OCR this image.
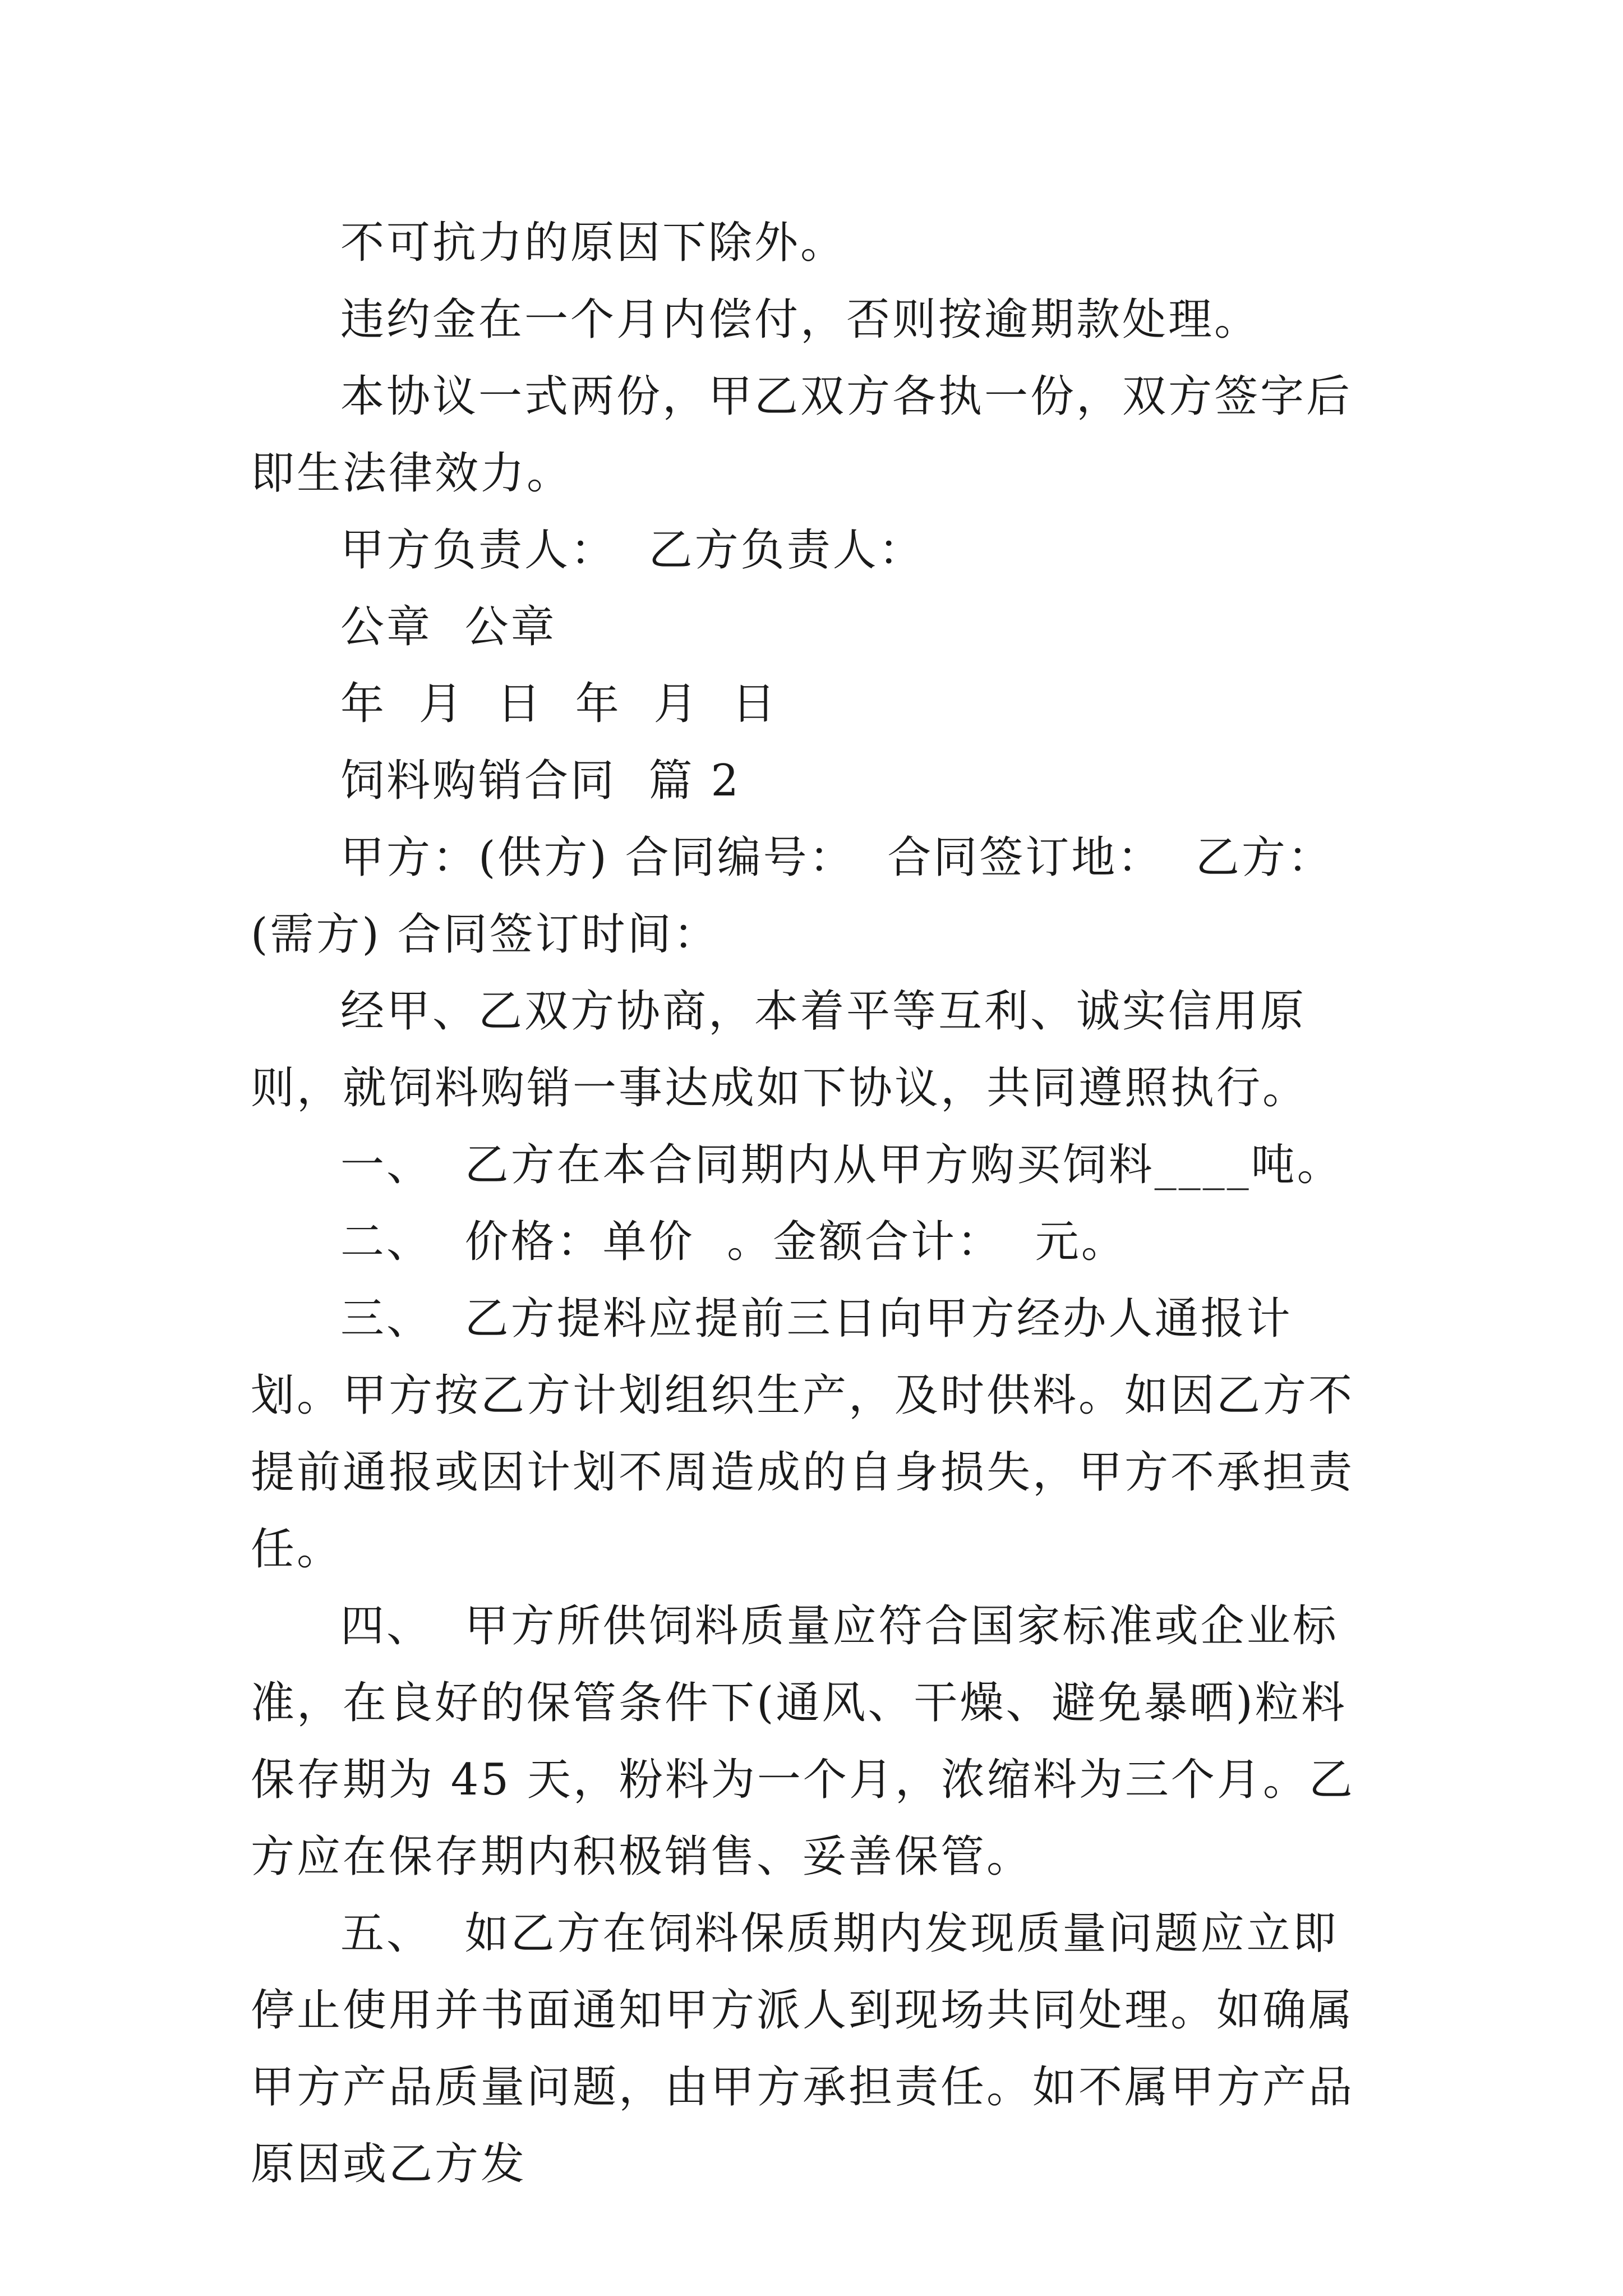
不可抗力的原因下除外。

违约金在一个月内偿付，否则按逾期款处理。

本协议一式两份，甲乙双方各执一份，双方签字后即生法律效力。

甲方负责人：  乙方负责人：

公章  公章

年  月  日  年  月  日

饲料购销合同  篇 2

甲方：(供方) 合同编号：  合同签订地：  乙方：(需方) 合同签订时间：

经甲、乙双方协商，本着平等互利、诚实信用原则，就饲料购销一事达成如下协议，共同遵照执行。

一、  乙方在本合同期内从甲方购买饲料____吨。

二、  价格：单价  。金额合计：  元。

三、  乙方提料应提前三日向甲方经办人通报计划。甲方按乙方计划组织生产，及时供料。如因乙方不提前通报或因计划不周造成的自身损失，甲方不承担责任。

四、  甲方所供饲料质量应符合国家标准或企业标准，在良好的保管条件下(通风、干燥、避免暴晒)粒料保存期为 45 天，粉料为一个月，浓缩料为三个月。乙方应在保存期内积极销售、妥善保管。

五、  如乙方在饲料保质期内发现质量问题应立即停止使用并书面通知甲方派人到现场共同处理。如确属甲方产品质量问题，由甲方承担责任。如不属甲方产品原因或乙方发
